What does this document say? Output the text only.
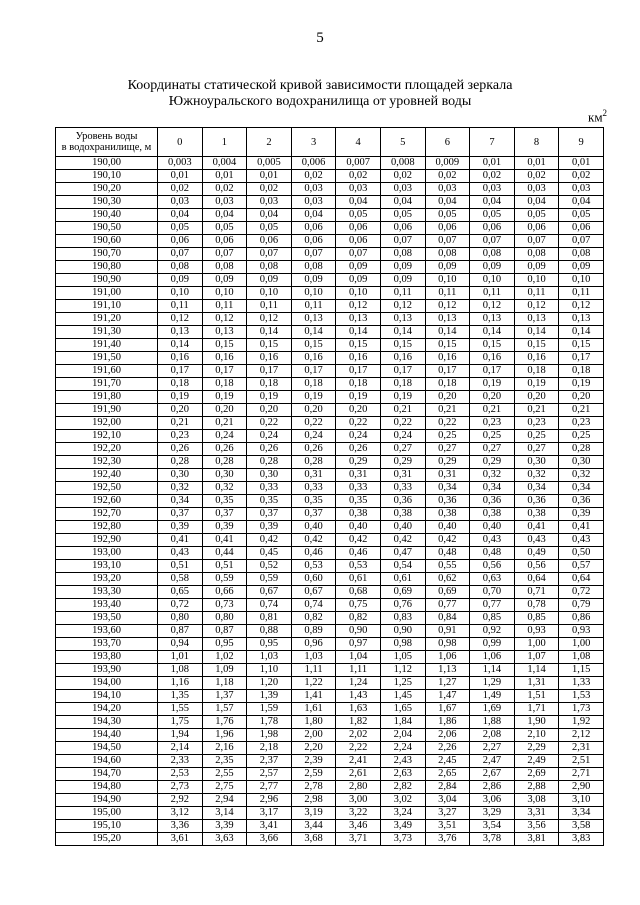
5
Координаты статической кривой зависимости площадей зеркала
Южноуральского водохранилища от уровней воды
$км^2$
Уровень воды
в водохранилище, м	0	1	2	3	4	5	6	7	8	9
190,00	0,003	0,004	0,005	0,006	0,007	0,008	0,009	0,01	0,01	0,01
190,10	0,01	0,01	0,01	0,02	0,02	0,02	0,02	0,02	0,02	0,02
190,20	0,02	0,02	0,02	0,03	0,03	0,03	0,03	0,03	0,03	0,03
190,30	0,03	0,03	0,03	0,03	0,04	0,04	0,04	0,04	0,04	0,04
190,40	0,04	0,04	0,04	0,04	0,05	0,05	0,05	0,05	0,05	0,05
190,50	0,05	0,05	0,05	0,06	0,06	0,06	0,06	0,06	0,06	0,06
190,60	0,06	0,06	0,06	0,06	0,06	0,07	0,07	0,07	0,07	0,07
190,70	0,07	0,07	0,07	0,07	0,07	0,08	0,08	0,08	0,08	0,08
190,80	0,08	0,08	0,08	0,08	0,09	0,09	0,09	0,09	0,09	0,09
190,90	0,09	0,09	0,09	0,09	0,09	0,09	0,10	0,10	0,10	0,10
191,00	0,10	0,10	0,10	0,10	0,10	0,11	0,11	0,11	0,11	0,11
191,10	0,11	0,11	0,11	0,11	0,12	0,12	0,12	0,12	0,12	0,12
191,20	0,12	0,12	0,12	0,13	0,13	0,13	0,13	0,13	0,13	0,13
191,30	0,13	0,13	0,14	0,14	0,14	0,14	0,14	0,14	0,14	0,14
191,40	0,14	0,15	0,15	0,15	0,15	0,15	0,15	0,15	0,15	0,15
191,50	0,16	0,16	0,16	0,16	0,16	0,16	0,16	0,16	0,16	0,17
191,60	0,17	0,17	0,17	0,17	0,17	0,17	0,17	0,17	0,18	0,18
191,70	0,18	0,18	0,18	0,18	0,18	0,18	0,18	0,19	0,19	0,19
191,80	0,19	0,19	0,19	0,19	0,19	0,19	0,20	0,20	0,20	0,20
191,90	0,20	0,20	0,20	0,20	0,20	0,21	0,21	0,21	0,21	0,21
192,00	0,21	0,21	0,22	0,22	0,22	0,22	0,22	0,23	0,23	0,23
192,10	0,23	0,24	0,24	0,24	0,24	0,24	0,25	0,25	0,25	0,25
192,20	0,26	0,26	0,26	0,26	0,26	0,27	0,27	0,27	0,27	0,28
192,30	0,28	0,28	0,28	0,28	0,29	0,29	0,29	0,29	0,30	0,30
192,40	0,30	0,30	0,30	0,31	0,31	0,31	0,31	0,32	0,32	0,32
192,50	0,32	0,32	0,33	0,33	0,33	0,33	0,34	0,34	0,34	0,34
192,60	0,34	0,35	0,35	0,35	0,35	0,36	0,36	0,36	0,36	0,36
192,70	0,37	0,37	0,37	0,37	0,38	0,38	0,38	0,38	0,38	0,39
192,80	0,39	0,39	0,39	0,40	0,40	0,40	0,40	0,40	0,41	0,41
192,90	0,41	0,41	0,42	0,42	0,42	0,42	0,42	0,43	0,43	0,43
193,00	0,43	0,44	0,45	0,46	0,46	0,47	0,48	0,48	0,49	0,50
193,10	0,51	0,51	0,52	0,53	0,53	0,54	0,55	0,56	0,56	0,57
193,20	0,58	0,59	0,59	0,60	0,61	0,61	0,62	0,63	0,64	0,64
193,30	0,65	0,66	0,67	0,67	0,68	0,69	0,69	0,70	0,71	0,72
193,40	0,72	0,73	0,74	0,74	0,75	0,76	0,77	0,77	0,78	0,79
193,50	0,80	0,80	0,81	0,82	0,82	0,83	0,84	0,85	0,85	0,86
193,60	0,87	0,87	0,88	0,89	0,90	0,90	0,91	0,92	0,93	0,93
193,70	0,94	0,95	0,95	0,96	0,97	0,98	0,98	0,99	1,00	1,00
193,80	1,01	1,02	1,03	1,03	1,04	1,05	1,06	1,06	1,07	1,08
193,90	1,08	1,09	1,10	1,11	1,11	1,12	1,13	1,14	1,14	1,15
194,00	1,16	1,18	1,20	1,22	1,24	1,25	1,27	1,29	1,31	1,33
194,10	1,35	1,37	1,39	1,41	1,43	1,45	1,47	1,49	1,51	1,53
194,20	1,55	1,57	1,59	1,61	1,63	1,65	1,67	1,69	1,71	1,73
194,30	1,75	1,76	1,78	1,80	1,82	1,84	1,86	1,88	1,90	1,92
194,40	1,94	1,96	1,98	2,00	2,02	2,04	2,06	2,08	2,10	2,12
194,50	2,14	2,16	2,18	2,20	2,22	2,24	2,26	2,27	2,29	2,31
194,60	2,33	2,35	2,37	2,39	2,41	2,43	2,45	2,47	2,49	2,51
194,70	2,53	2,55	2,57	2,59	2,61	2,63	2,65	2,67	2,69	2,71
194,80	2,73	2,75	2,77	2,78	2,80	2,82	2,84	2,86	2,88	2,90
194,90	2,92	2,94	2,96	2,98	3,00	3,02	3,04	3,06	3,08	3,10
195,00	3,12	3,14	3,17	3,19	3,22	3,24	3,27	3,29	3,31	3,34
195,10	3,36	3,39	3,41	3,44	3,46	3,49	3,51	3,54	3,56	3,58
195,20	3,61	3,63	3,66	3,68	3,71	3,73	3,76	3,78	3,81	3,83
